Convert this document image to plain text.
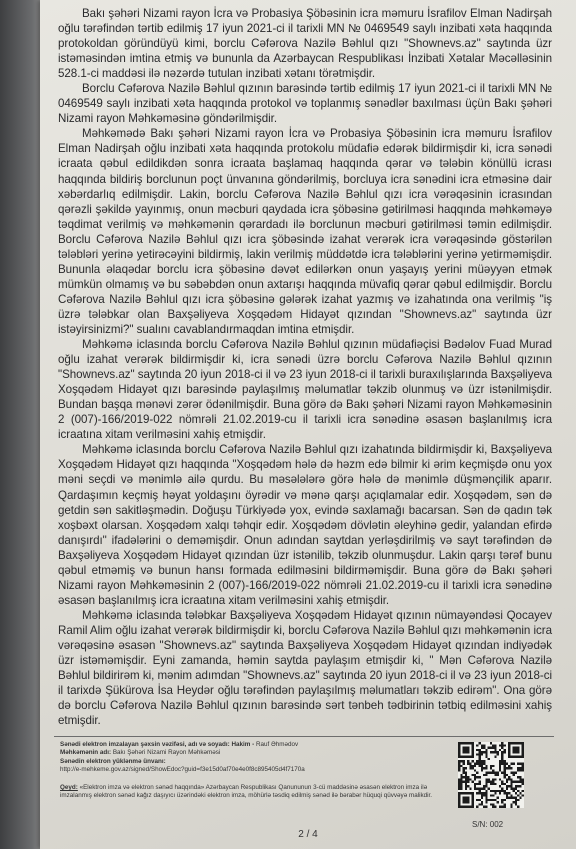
Bakı şəhəri Nizami rayon İcra və Probasiya Şöbəsinin icra məmuru İsrafilov Elman Nadirşah oğlu tərəfindən tərtib edilmiş 17 iyun 2021-ci il tarixli MN № 0469549 saylı inzibati xəta haqqında protokoldan göründüyü kimi, borclu Cəfərova Nazilə Bəhlul qızı "Shownevs.az" saytında üzr istəməsindən imtina etmiş və bununla da Azərbaycan Respublikası İnzibati Xətalar Məcəlləsinin 528.1-ci maddəsi ilə nəzərdə tutulan inzibati xətanı törətmişdir.

Borclu Cəfərova Nazilə Bəhlul qızının barəsində tərtib edilmiş 17 iyun 2021-ci il tarixli MN № 0469549 saylı inzibati xəta haqqında protokol və toplanmış sənədlər baxılması üçün Bakı şəhəri Nizami rayon Məhkəməsinə göndərilmişdir.

Məhkəmədə Bakı şəhəri Nizami rayon İcra və Probasiya Şöbəsinin icra məmuru İsrafilov Elman Nadirşah oğlu inzibati xəta haqqında protokolu müdafiə edərək bildirmişdir ki, icra sənədi icraata qəbul edildikdən sonra icraata başlamaq haqqında qərar və tələbin könüllü icrası haqqında bildiriş borclunun poçt ünvanına göndərilmiş, borcluya icra sənədini icra etməsinə dair xəbərdarlıq edilmişdir. Lakin, borclu Cəfərova Nazilə Bəhlul qızı icra vərəqəsinin icrasından qərəzli şəkildə yayınmış, onun məcburi qaydada icra şöbəsinə gətirilməsi haqqında məhkəməyə təqdimat verilmiş və məhkəmənin qərardadı ilə borclunun məcburi gətirilməsi təmin edilmişdir. Borclu Cəfərova Nazilə Bəhlul qızı icra şöbəsində izahat verərək icra vərəqəsində göstərilən tələbləri yerinə yetirəcəyini bildirmiş, lakin verilmiş müddətdə icra tələblərini yerinə yetirməmişdir. Bununla əlaqədar borclu icra şöbəsinə dəvət edilərkən onun yaşayış yerini müəyyən etmək mümkün olmamış və bu səbəbdən onun axtarışı haqqında müvafiq qərar qəbul edilmişdir. Borclu Cəfərova Nazilə Bəhlul qızı icra şöbəsinə gələrək izahat yazmış və izahatında ona verilmiş "iş üzrə tələbkar olan Baxşəliyeva Xoşqədəm Hidayət qızından "Shownevs.az" saytında üzr istəyirsinizmi?" sualını cavablandırmaqdan imtina etmişdir.

Məhkəmə iclasında borclu Cəfərova Nazilə Bəhlul qızının müdafiəçisi Bədəlov Fuad Murad oğlu izahat verərək bildirmişdir ki, icra sənədi üzrə borclu Cəfərova Nazilə Bəhlul qızının "Shownevs.az" saytında 20 iyun 2018-ci il və 23 iyun 2018-ci il tarixli buraxılışlarında Baxşəliyeva Xoşqədəm Hidayət qızı barəsində paylaşılmış məlumatlar təkzib olunmuş və üzr istənilmişdir. Bundan başqa mənəvi zərər ödənilmişdir. Buna görə də Bakı şəhəri Nizami rayon Məhkəməsinin 2 (007)-166/2019-022 nömrəli 21.02.2019-cu il tarixli icra sənədinə əsasən başlanılmış icra icraatına xitam verilməsini xahiş etmişdir.

Məhkəmə iclasında borclu Cəfərova Nazilə Bəhlul qızı izahatında bildirmişdir ki, Baxşəliyeva Xoşqədəm Hidayət qızı haqqında "Xoşqədəm hələ də həzm edə bilmir ki ərim keçmişdə onu yox məni seçdi və mənimlə ailə qurdu. Bu məsələlərə görə hələ də mənimlə düşmənçilik aparır. Qardaşımın keçmiş həyat yoldaşını öyrədir və mənə qarşı açıqlamalar edir. Xoşqədəm, sən də getdin sən sakitləşmədin. Doğuşu Türkiyədə yox, evində saxlamağı bacarsan. Sən də qadın tək xoşbəxt olarsan. Xoşqədəm xalqı təhqir edir. Xoşqədəm dövlətin əleyhinə gedir, yalandan efirdə danışırdı" ifadələrini o deməmişdir. Onun adından saytdan yerləşdirilmiş və sayt tərəfindən də Baxşəliyeva Xoşqədəm Hidayət qızından üzr istənilib, təkzib olunmuşdur. Lakin qarşı tərəf bunu qəbul etməmiş və bunun hansı formada edilməsini bildirməmişdir. Buna görə də Bakı şəhəri Nizami rayon Məhkəməsinin 2 (007)-166/2019-022 nömrəli 21.02.2019-cu il tarixli icra sənədinə əsasən başlanılmış icra icraatına xitam verilməsini xahiş etmişdir.

Məhkəmə iclasında tələbkar Baxşəliyeva Xoşqədəm Hidayət qızının nümayəndəsi Qocayev Ramil Alim oğlu izahat verərək bildirmişdir ki, borclu Cəfərova Nazilə Bəhlul qızı məhkəmənin icra vərəqəsinə əsasən "Shownevs.az" saytında Baxşəliyeva Xoşqədəm Hidayət qızından indiyədək üzr istəməmişdir. Eyni zamanda, həmin saytda paylaşım etmişdir ki, " Mən Cəfərova Nazilə Bəhlul bildirirəm ki, mənim adımdan "Shownevs.az" saytında 20 iyun 2018-ci il və 23 iyun 2018-ci il tarixdə Şükürova İsa Heydər oğlu tərəfindən paylaşılmış məlumatları təkzib edirəm". Ona görə də borclu Cəfərova Nazilə Bəhlul qızının barəsində sərt tənbeh tədbirinin tətbiq edilməsini xahiş etmişdir.

Sənədi elektron imzalayan şəxsin vəzifəsi, adı və soyadı: Hakim - Rauf Əhmədov
Məhkəmənin adı: Bakı Şəhəri Nizami Rayon Məhkəməsi
Sənədin elektron yüklənmə ünvanı:
http://e-mehkeme.gov.az/signed/ShowEdoc?guid=f3e15d0af70e4e0f8c895405d4f7170a
Qeyd: «Elektron imza və elektron sənəd haqqında» Azərbaycan Respublikası Qanununun 3-cü maddəsinə əsasən elektron imza ilə imzalanmış elektron sənəd kağız daşıyıcı üzərindəki elektron imza, möhürlə təsdiq edilmiş sənəd ilə bərabər hüquqi qüvvəyə malikdir.
S/N: 002
2 / 4
